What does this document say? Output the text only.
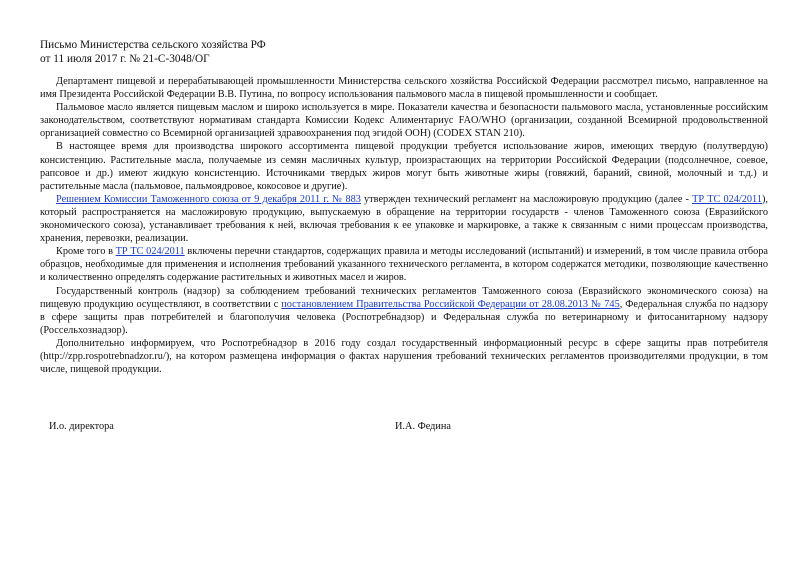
Письмо Министерства сельского хозяйства РФ
от 11 июля 2017 г. № 21-С-3048/ОГ

Департамент пищевой и перерабатывающей промышленности Министерства сельского хозяйства Российской Федерации рассмотрел письмо, направленное на имя Президента Российской Федерации В.В. Путина, по вопросу использования пальмового масла в пищевой промышленности и сообщает.

Пальмовое масло является пищевым маслом и широко используется в мире. Показатели качества и безопасности пальмового масла, установленные российским законодательством, соответствуют нормативам стандарта Комиссии Кодекс Алиментариус FAO/WHO (организации, созданной Всемирной продовольственной организацией совместно со Всемирной организацией здравоохранения под эгидой ООН) (CODEX STAN 210).

В настоящее время для производства широкого ассортимента пищевой продукции требуется использование жиров, имеющих твердую (полутвердую) консистенцию. Растительные масла, получаемые из семян масличных культур, произрастающих на территории Российской Федерации (подсолнечное, соевое, рапсовое и др.) имеют жидкую консистенцию. Источниками твердых жиров могут быть животные жиры (говяжий, бараний, свиной, молочный и т.д.) и растительные масла (пальмовое, пальмоядровое, кокосовое и другие).

Решением Комиссии Таможенного союза от 9 декабря 2011 г. № 883 утвержден технический регламент на масложировую продукцию (далее - ТР ТС 024/2011), который распространяется на масложировую продукцию, выпускаемую в обращение на территории государств - членов Таможенного союза (Евразийского экономического союза), устанавливает требования к ней, включая требования к ее упаковке и маркировке, а также к связанным с ними процессам производства, хранения, перевозки, реализации.

Кроме того в ТР ТС 024/2011 включены перечни стандартов, содержащих правила и методы исследований (испытаний) и измерений, в том числе правила отбора образцов, необходимые для применения и исполнения требований указанного технического регламента, в котором содержатся методики, позволяющие качественно и количественно определять содержание растительных и животных масел и жиров.

Государственный контроль (надзор) за соблюдением требований технических регламентов Таможенного союза (Евразийского экономического союза) на пищевую продукцию осуществляют, в соответствии с постановлением Правительства Российской Федерации от 28.08.2013 № 745, Федеральная служба по надзору в сфере защиты прав потребителей и благополучия человека (Роспотребнадзор) и Федеральная служба по ветеринарному и фитосанитарному надзору (Россельхознадзор).

Дополнительно информируем, что Роспотребнадзор в 2016 году создал государственный информационный ресурс в сфере защиты прав потребителя (http://zpp.rospotrebnadzor.ru/), на котором размещена информация о фактах нарушения требований технических регламентов производителями продукции, в том числе, пищевой продукции.

И.о. директора	И.А. Федина
